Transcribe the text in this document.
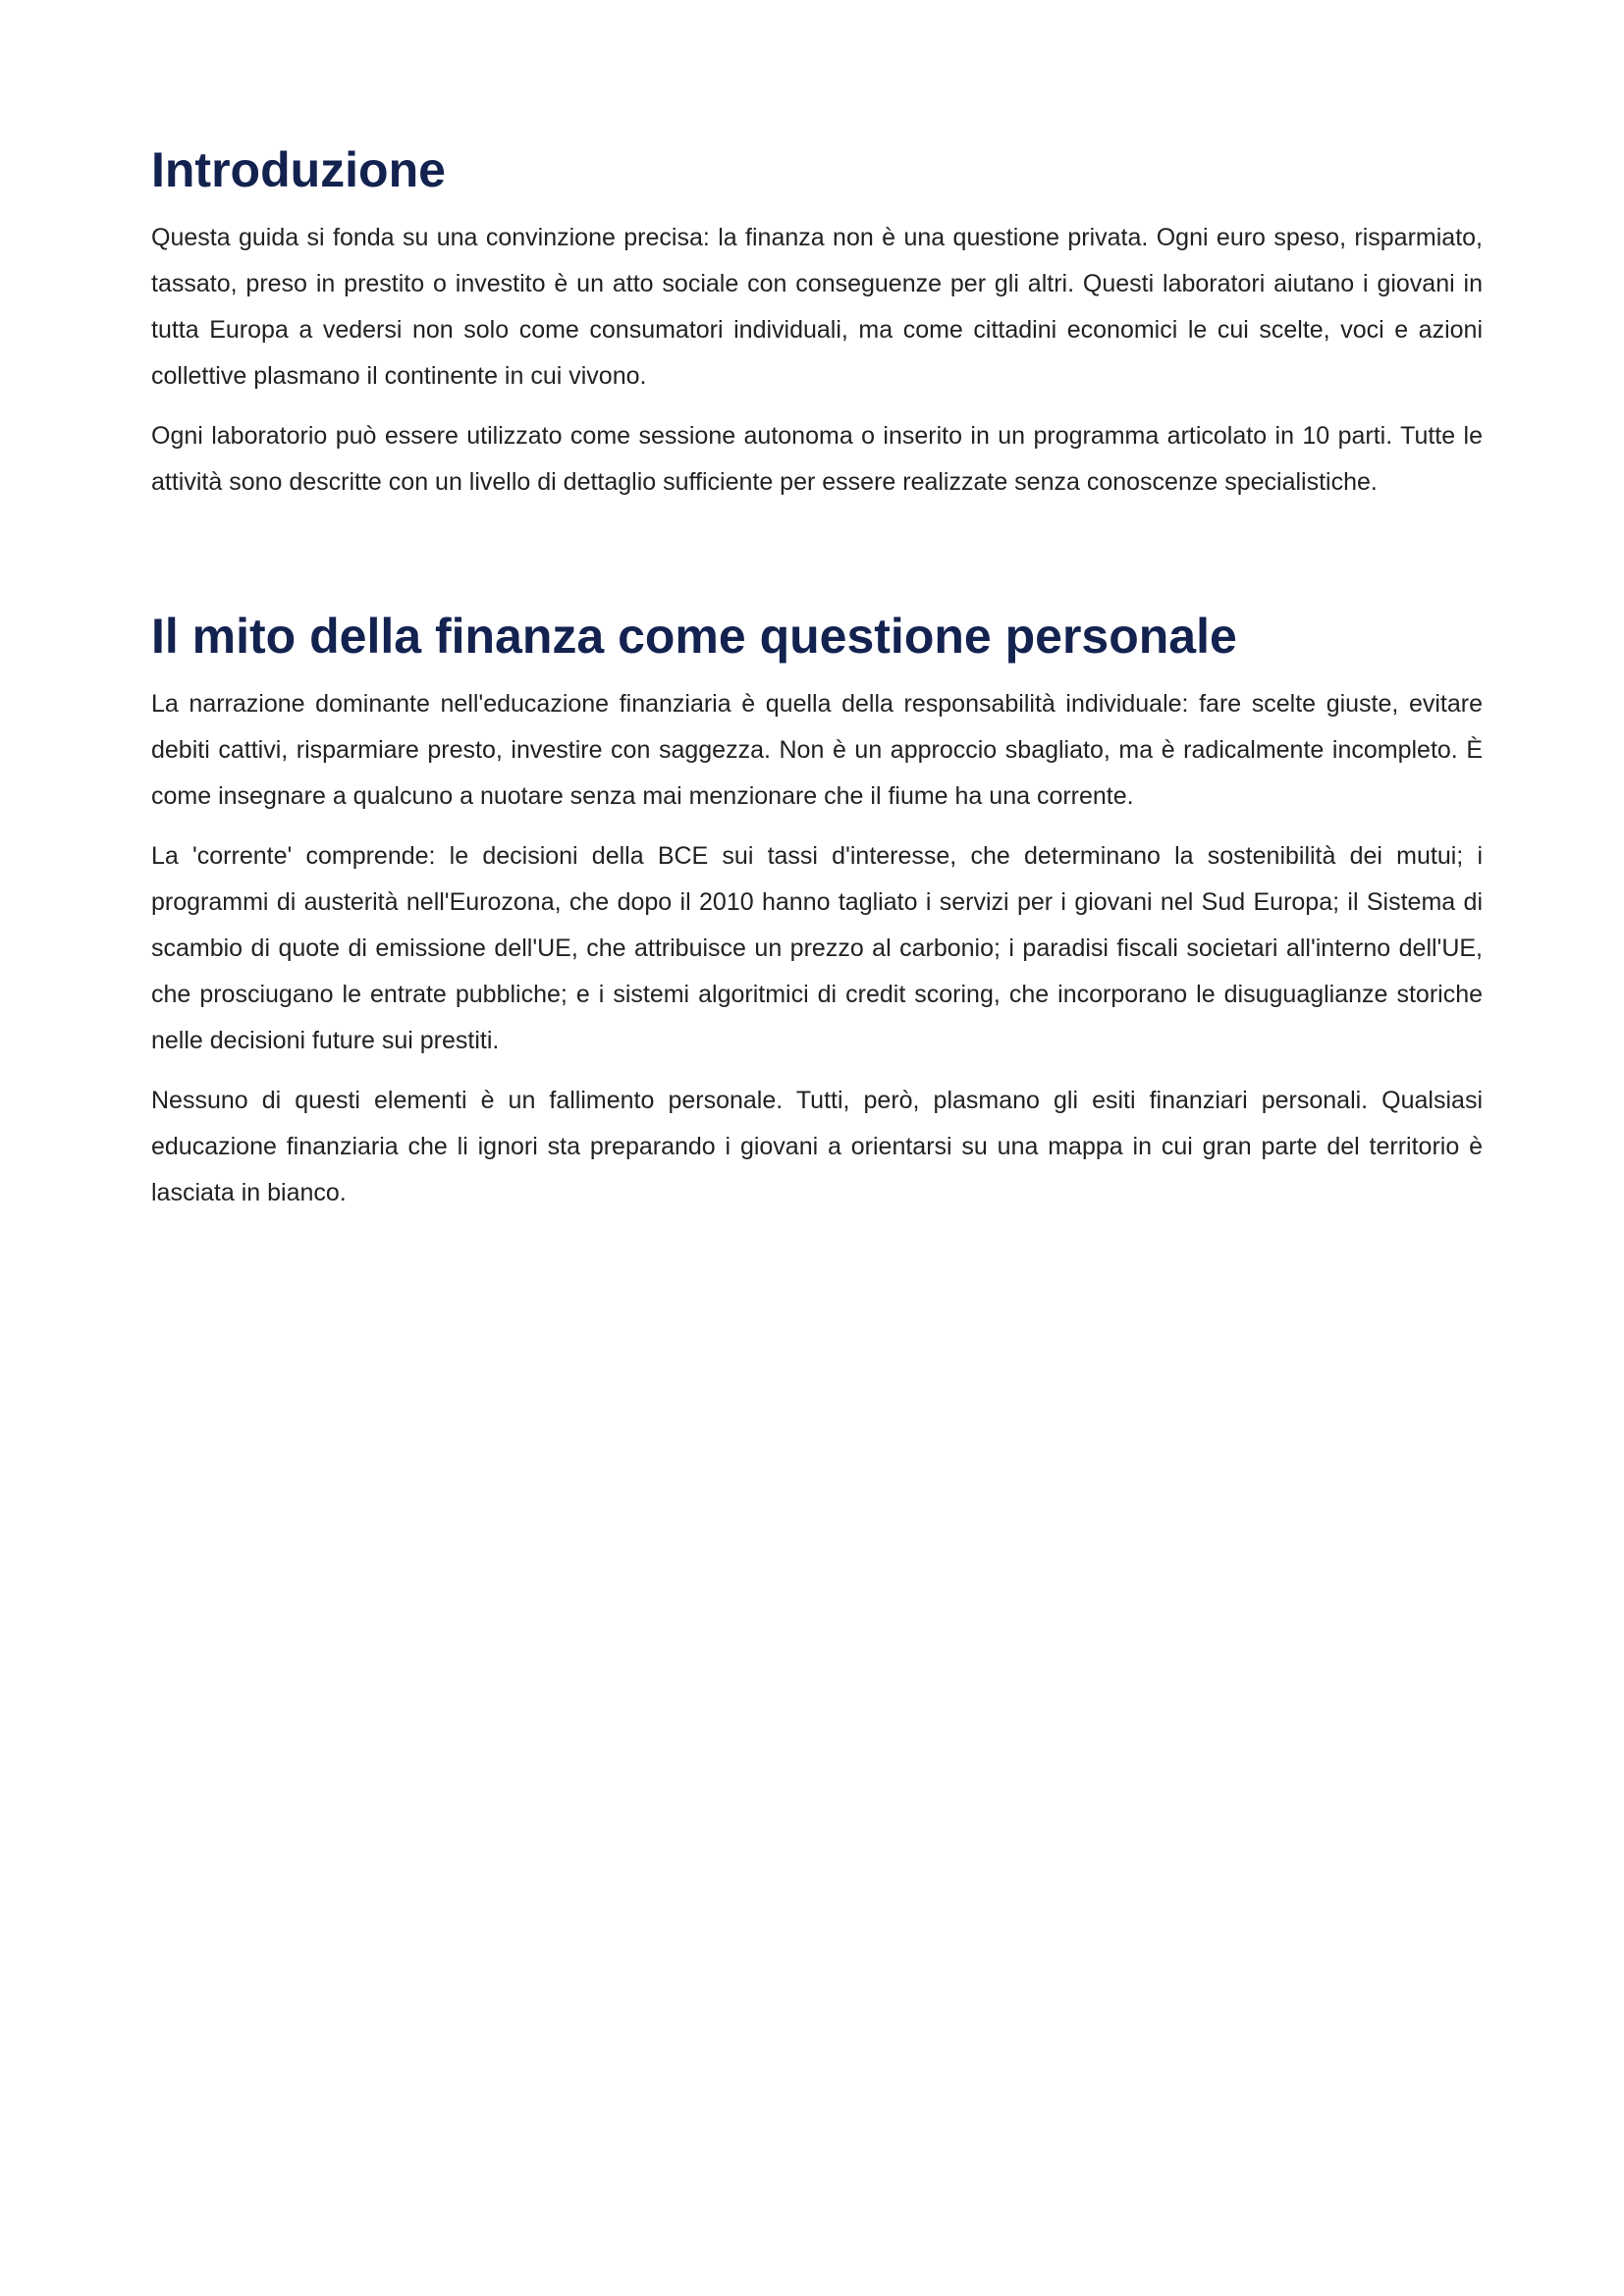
Introduzione

Questa guida si fonda su una convinzione precisa: la finanza non è una questione privata. Ogni euro speso, risparmiato, tassato, preso in prestito o investito è un atto sociale con conseguenze per gli altri. Questi laboratori aiutano i giovani in tutta Europa a vedersi non solo come consumatori individuali, ma come cittadini economici le cui scelte, voci e azioni collettive plasmano il continente in cui vivono.

Ogni laboratorio può essere utilizzato come sessione autonoma o inserito in un programma articolato in 10 parti. Tutte le attività sono descritte con un livello di dettaglio sufficiente per essere realizzate senza conoscenze specialistiche.

Il mito della finanza come questione personale

La narrazione dominante nell'educazione finanziaria è quella della responsabilità individuale: fare scelte giuste, evitare debiti cattivi, risparmiare presto, investire con saggezza. Non è un approccio sbagliato, ma è radicalmente incompleto. È come insegnare a qualcuno a nuotare senza mai menzionare che il fiume ha una corrente.

La 'corrente' comprende: le decisioni della BCE sui tassi d'interesse, che determinano la sostenibilità dei mutui; i programmi di austerità nell'Eurozona, che dopo il 2010 hanno tagliato i servizi per i giovani nel Sud Europa; il Sistema di scambio di quote di emissione dell'UE, che attribuisce un prezzo al carbonio; i paradisi fiscali societari all'interno dell'UE, che prosciugano le entrate pubbliche; e i sistemi algoritmici di credit scoring, che incorporano le disuguaglianze storiche nelle decisioni future sui prestiti.

Nessuno di questi elementi è un fallimento personale. Tutti, però, plasmano gli esiti finanziari personali. Qualsiasi educazione finanziaria che li ignori sta preparando i giovani a orientarsi su una mappa in cui gran parte del territorio è lasciata in bianco.
